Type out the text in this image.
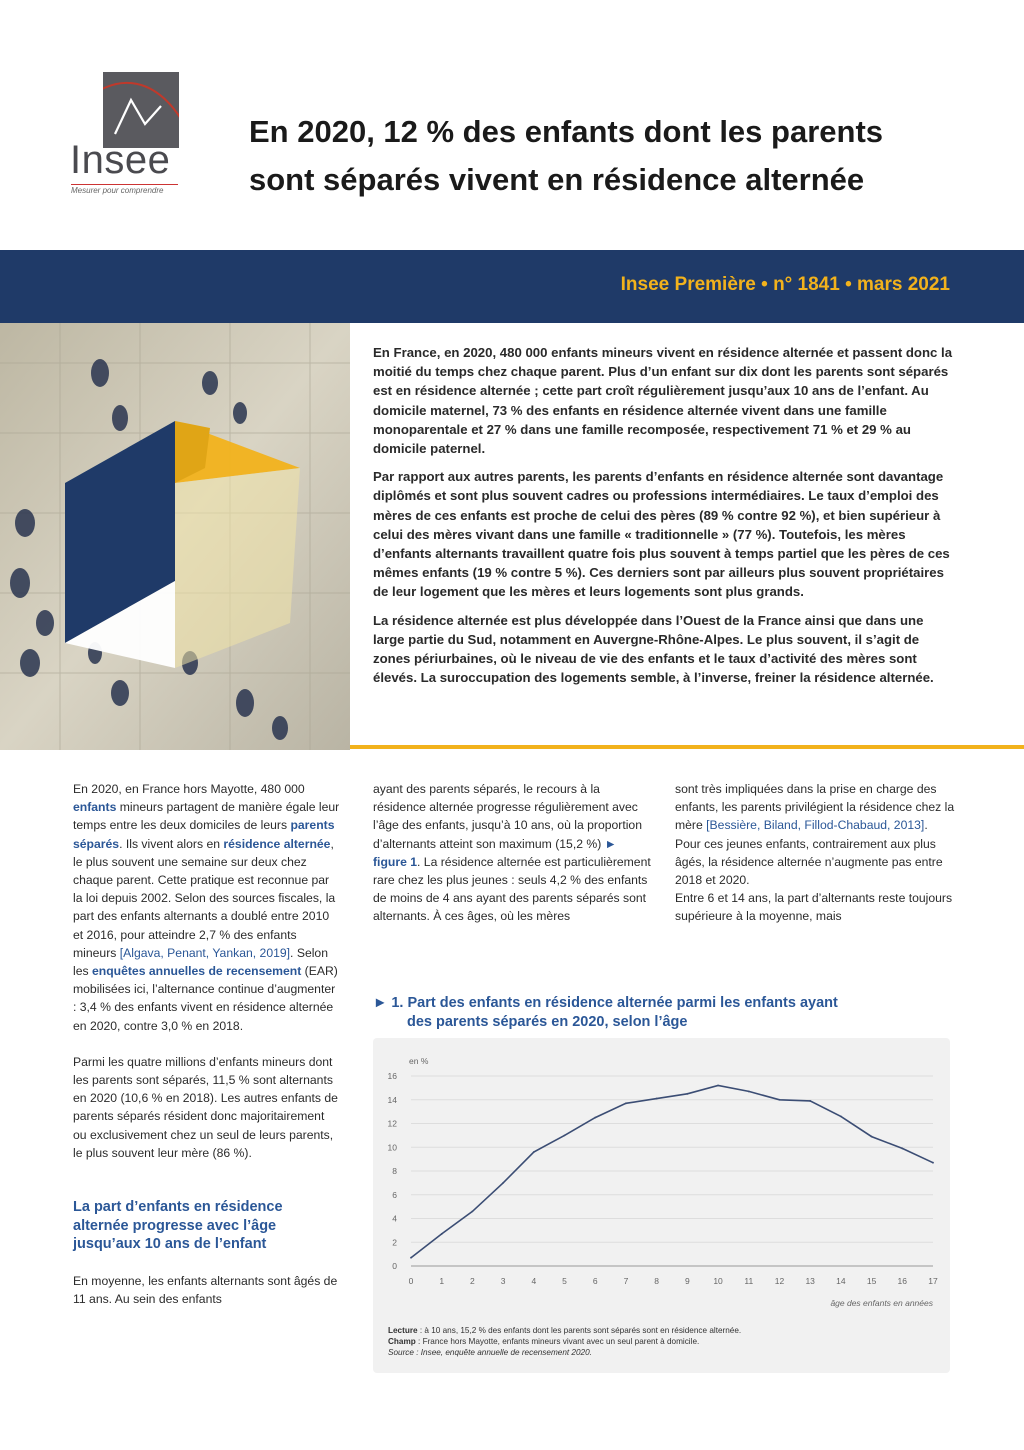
Insee
Mesurer pour comprendre
En 2020, 12 % des enfants dont les parents
sont séparés vivent en résidence alternée
Insee Première • n° 1841 • mars 2021

En France, en 2020, 480 000 enfants mineurs vivent en résidence alternée et passent donc la moitié du temps chez chaque parent. Plus d’un enfant sur dix dont les parents sont séparés est en résidence alternée ; cette part croît régulièrement jusqu’aux 10 ans de l’enfant. Au domicile maternel, 73 % des enfants en résidence alternée vivent dans une famille monoparentale et 27 % dans une famille recomposée, respectivement 71 % et 29 % au domicile paternel.

Par rapport aux autres parents, les parents d’enfants en résidence alternée sont davantage diplômés et sont plus souvent cadres ou professions intermédiaires. Le taux d’emploi des mères de ces enfants est proche de celui des pères (89 % contre 92 %), et bien supérieur à celui des mères vivant dans une famille « traditionnelle » (77 %). Toutefois, les mères d’enfants alternants travaillent quatre fois plus souvent à temps partiel que les pères de ces mêmes enfants (19 % contre 5 %). Ces derniers sont par ailleurs plus souvent propriétaires de leur logement que les mères et leurs logements sont plus grands.

La résidence alternée est plus développée dans l’Ouest de la France ainsi que dans une large partie du Sud, notamment en Auvergne-Rhône-Alpes. Le plus souvent, il s’agit de zones périurbaines, où le niveau de vie des enfants et le taux d’activité des mères sont élevés. La suroccupation des logements semble, à l’inverse, freiner la résidence alternée.

En 2020, en France hors Mayotte, 480 000 enfants mineurs partagent de manière égale leur temps entre les deux domiciles de leurs parents séparés. Ils vivent alors en résidence alternée, le plus souvent une semaine sur deux chez chaque parent. Cette pratique est reconnue par la loi depuis 2002. Selon des sources fiscales, la part des enfants alternants a doublé entre 2010 et 2016, pour atteindre 2,7 % des enfants mineurs [Algava, Penant, Yankan, 2019]. Selon les enquêtes annuelles de recensement (EAR) mobilisées ici, l’alternance continue d’augmenter : 3,4 % des enfants vivent en résidence alternée en 2020, contre 3,0 % en 2018.

Parmi les quatre millions d’enfants mineurs dont les parents sont séparés, 11,5 % sont alternants en 2020 (10,6 % en 2018). Les autres enfants de parents séparés résident donc majoritairement ou exclusivement chez un seul de leurs parents, le plus souvent leur mère (86 %).

La part d’enfants en résidence alternée progresse avec l’âge jusqu’aux 10 ans de l’enfant

En moyenne, les enfants alternants sont âgés de 11 ans. Au sein des enfants

ayant des parents séparés, le recours à la résidence alternée progresse régulièrement avec l’âge des enfants, jusqu’à 10 ans, où la proportion d’alternants atteint son maximum (15,2 %) ► figure 1. La résidence alternée est particulièrement rare chez les plus jeunes : seuls 4,2 % des enfants de moins de 4 ans ayant des parents séparés sont alternants. À ces âges, où les mères

sont très impliquées dans la prise en charge des enfants, les parents privilégient la résidence chez la mère [Bessière, Biland, Fillod-Chabaud, 2013]. Pour ces jeunes enfants, contrairement aux plus âgés, la résidence alternée n’augmente pas entre 2018 et 2020.

Entre 6 et 14 ans, la part d’alternants reste toujours supérieure à la moyenne, mais

► 1. Part des enfants en résidence alternée parmi les enfants ayant
des parents séparés en 2020, selon l’âge
en %
0
2
4
6
8
10
12
14
16
0	1	2	3	4	5	6	7	8	9	10	11	12 13 14 15 16 17
âge des enfants en années
Lecture : à 10 ans, 15,2 % des enfants dont les parents sont séparés sont en résidence alternée.
Champ : France hors Mayotte, enfants mineurs vivant avec un seul parent à domicile.
Source : Insee, enquête annuelle de recensement 2020.
